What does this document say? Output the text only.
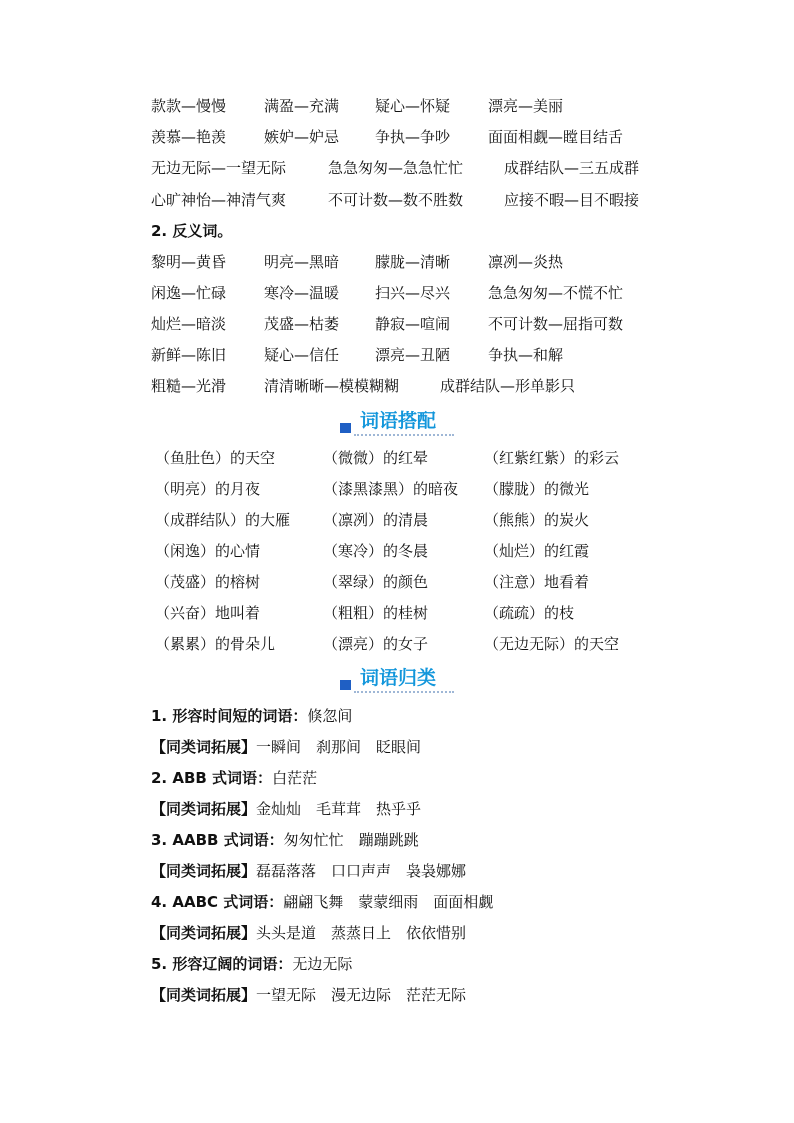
款款—慢慢	满盈—充满 疑心—怀疑	漂亮—美丽
羡慕—艳羡	嫉妒—妒忌 争执—争吵	面面相觑—瞠目结舌
无边无际—一望无际	急急匆匆—急急忙忙	成群结队—三五成群
心旷神怡—神清气爽	不可计数—数不胜数	应接不暇—目不暇接
2. 反义词。
黎明—黄昏	明亮—黑暗 朦胧—清晰	凛冽—炎热
闲逸—忙碌	寒冷—温暖 扫兴—尽兴	急急匆匆—不慌不忙
灿烂—暗淡	茂盛—枯萎 静寂—喧闹	不可计数—屈指可数
新鲜—陈旧	疑心—信任 漂亮—丑陋	争执—和解
粗糙—光滑	清清晰晰—模模糊糊	成群结队—形单影只
词语搭配
（鱼肚色）的天空	（微微）的红晕	（红紫红紫）的彩云
（明亮）的月夜	（漆黑漆黑）的暗夜 （朦胧）的微光
（成群结队）的大雁 （凛冽）的清晨	（熊熊）的炭火
（闲逸）的心情	（寒冷）的冬晨	（灿烂）的红霞
（茂盛）的榕树	（翠绿）的颜色	（注意）地看着
（兴奋）地叫着	（粗粗）的桂树	（疏疏）的枝
（累累）的骨朵儿	（漂亮）的女子	（无边无际）的天空
词语归类
1. 形容时间短的词语：倏忽间
【同类词拓展】一瞬间　刹那间　眨眼间
2. ABB 式词语：白茫茫
【同类词拓展】金灿灿　毛茸茸　热乎乎
3. AABB 式词语：匆匆忙忙　蹦蹦跳跳
【同类词拓展】磊磊落落　口口声声　袅袅娜娜
4. AABC 式词语：翩翩飞舞　蒙蒙细雨　面面相觑
【同类词拓展】头头是道　蒸蒸日上　依依惜别
5. 形容辽阔的词语：无边无际
【同类词拓展】一望无际　漫无边际　茫茫无际
